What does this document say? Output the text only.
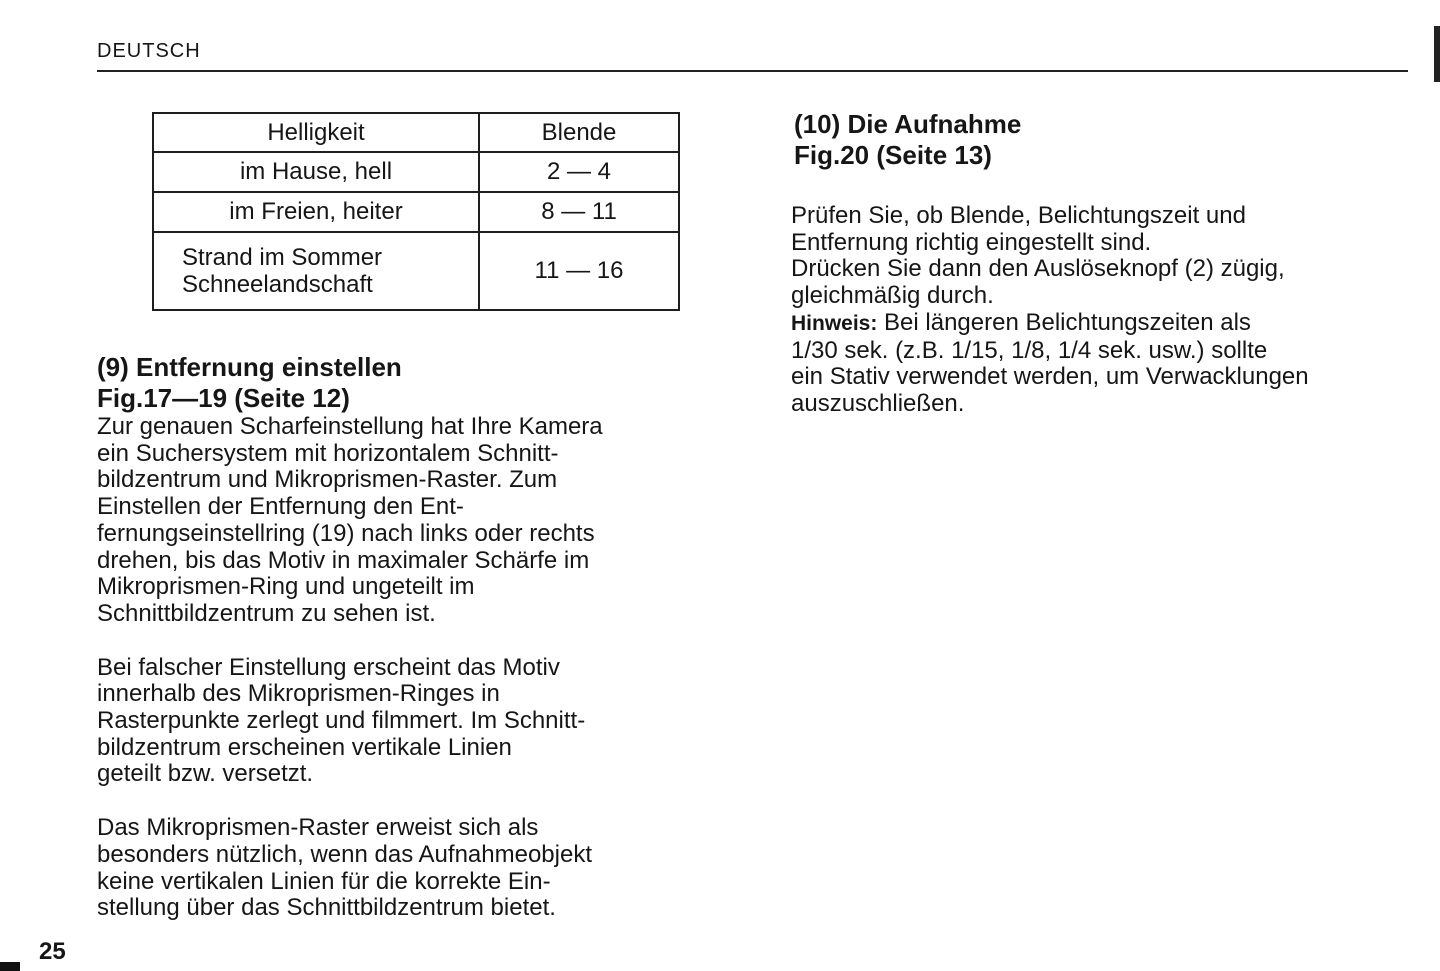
DEUTSCH
Helligkeit	Blende
im Hause, hell	2 — 4
im Freien, heiter	8 — 11

Strand im Sommer
Schneelandschaft	11 — 16
(9) Entfernung einstellen
Fig.17—19 (Seite 12)

Zur genauen Scharfeinstellung hat Ihre Kamera
ein Suchersystem mit horizontalem Schnitt-
bildzentrum und Mikroprismen-Raster. Zum
Einstellen der Entfernung den Ent-
fernungseinstellring (19) nach links oder rechts
drehen, bis das Motiv in maximaler Schärfe im
Mikroprismen-Ring und ungeteilt im
Schnittbildzentrum zu sehen ist.

Bei falscher Einstellung erscheint das Motiv
innerhalb des Mikroprismen-Ringes in
Rasterpunkte zerlegt und filmmert. Im Schnitt-
bildzentrum erscheinen vertikale Linien
geteilt bzw. versetzt.

Das Mikroprismen-Raster erweist sich als
besonders nützlich, wenn das Aufnahmeobjekt
keine vertikalen Linien für die korrekte Ein-
stellung über das Schnittbildzentrum bietet.

(10) Die Aufnahme
Fig.20 (Seite 13)

Prüfen Sie, ob Blende, Belichtungszeit und
Entfernung richtig eingestellt sind.
Drücken Sie dann den Auslöseknopf (2) zügig,
gleichmäßig durch.
Hinweis: Bei längeren Belichtungszeiten als
1/30 sek. (z.B. 1/15, 1/8, 1/4 sek. usw.) sollte
ein Stativ verwendet werden, um Verwacklungen
auszuschließen.

25
